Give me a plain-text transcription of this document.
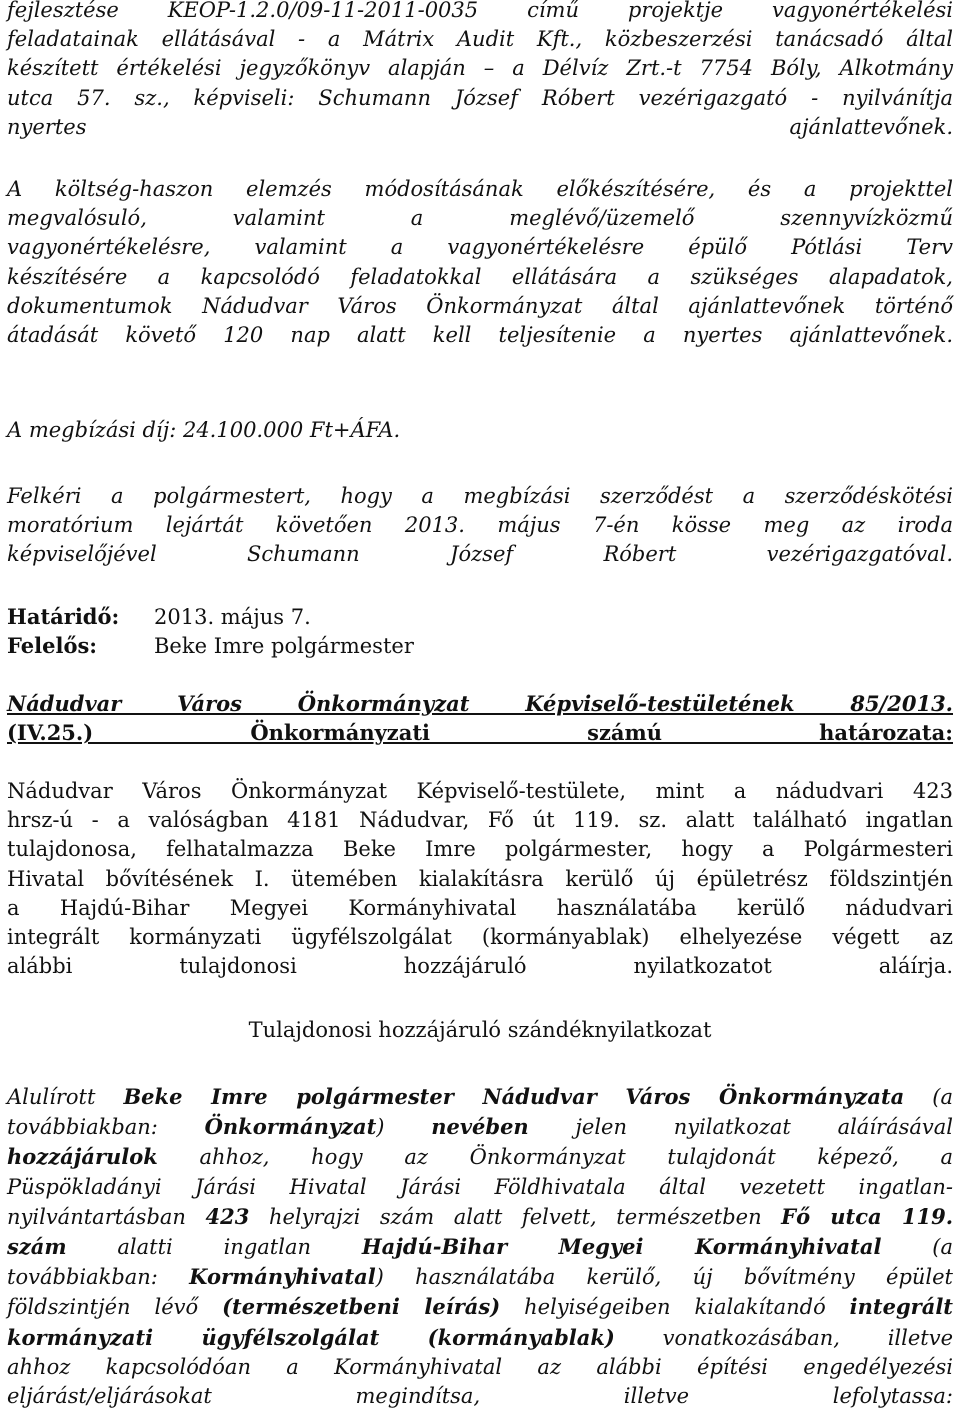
fejlesztése KEOP-1.2.0/09-11-2011-0035 című projektje vagyonértékelési
feladatainak ellátásával - a Mátrix Audit Kft., közbeszerzési tanácsadó által
készített értékelési jegyzőkönyv alapján – a Délvíz Zrt.-t 7754 Bóly, Alkotmány
utca 57. sz., képviseli: Schumann József Róbert vezérigazgató - nyilvánítja
nyertes ajánlattevőnek.
A költség-haszon elemzés módosításának előkészítésére, és a projekttel
megvalósuló, valamint a meglévő/üzemelő szennyvízközmű
vagyonértékelésre, valamint a vagyonértékelésre épülő Pótlási Terv
készítésére a kapcsolódó feladatokkal ellátására a szükséges alapadatok,
dokumentumok Nádudvar Város Önkormányzat által ajánlattevőnek történő
átadását követő 120 nap alatt kell teljesítenie a nyertes ajánlattevőnek.
A megbízási díj: 24.100.000 Ft+ÁFA.
Felkéri a polgármestert, hogy a megbízási szerződést a szerződéskötési
moratórium lejártát követően 2013. május 7-én kösse meg az iroda
képviselőjével Schumann József Róbert vezérigazgatóval.
Határidő: 2013. május 7.
Felelős:	Beke Imre polgármester
Nádudvar Város Önkormányzat Képviselő-testületének 85/2013.
(IV.25.) Önkormányzati számú határozata:
Nádudvar Város Önkormányzat Képviselő-testülete, mint a nádudvari 423
hrsz-ú - a valóságban 4181 Nádudvar, Fő út 119. sz. alatt található ingatlan
tulajdonosa, felhatalmazza Beke Imre polgármester, hogy a Polgármesteri
Hivatal bővítésének I. ütemében kialakításra kerülő új épületrész földszintjén
a Hajdú-Bihar Megyei Kormányhivatal használatába kerülő nádudvari
integrált kormányzati ügyfélszolgálat (kormányablak) elhelyezése végett az
alábbi tulajdonosi hozzájáruló nyilatkozatot aláírja.
Tulajdonosi hozzájáruló szándéknyilatkozat
Alulírott Beke Imre polgármester Nádudvar Város Önkormányzata (a
továbbiakban: Önkormányzat) nevében jelen nyilatkozat aláírásával
hozzájárulok ahhoz, hogy az Önkormányzat tulajdonát képező, a
Püspökladányi Járási Hivatal Járási Földhivatala által vezetett ingatlan-
nyilvántartásban 423 helyrajzi szám alatt felvett, természetben Fő utca 119.
szám alatti ingatlan Hajdú-Bihar Megyei Kormányhivatal (a
továbbiakban: Kormányhivatal) használatába kerülő, új bővítmény épület
földszintjén lévő (természetbeni leírás) helyiségeiben kialakítandó integrált
kormányzati ügyfélszolgálat (kormányablak) vonatkozásában, illetve
ahhoz kapcsolódóan a Kormányhivatal az alábbi építési engedélyezési
eljárást/eljárásokat megindítsa, illetve lefolytassa:
